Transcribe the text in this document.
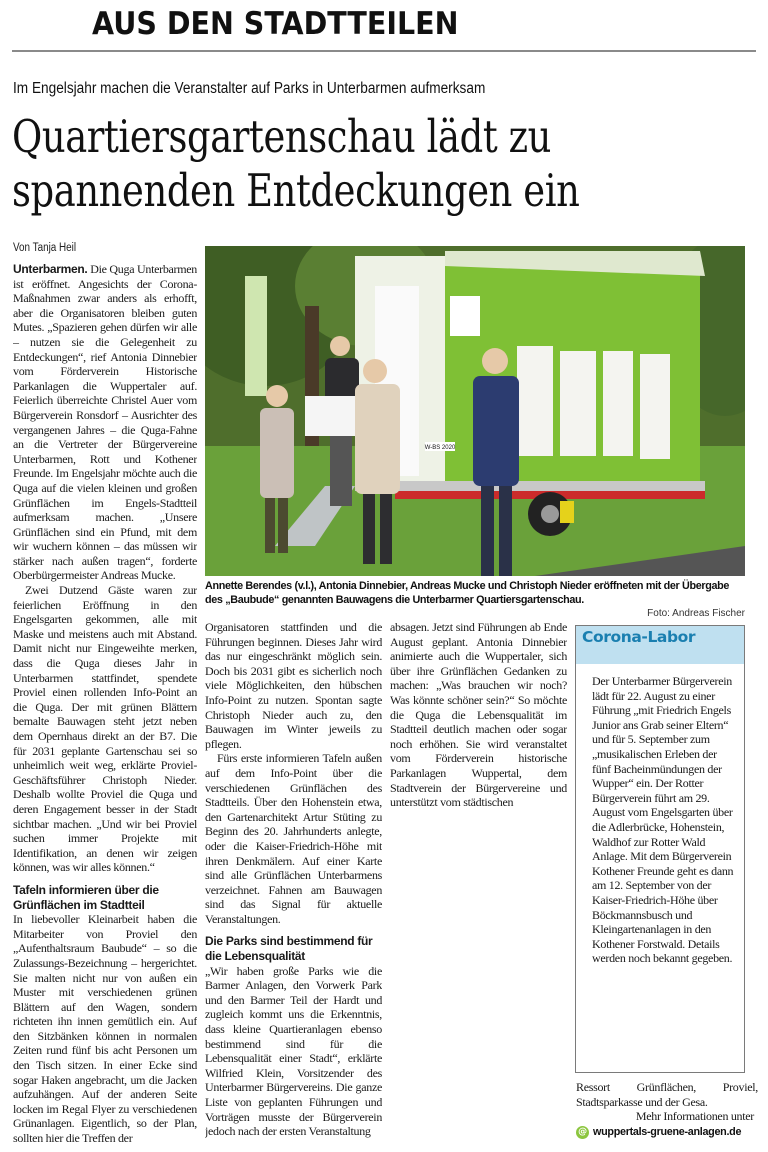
AUS DEN STADTTEILEN
Im Engelsjahr machen die Veranstalter auf Parks in Unterbarmen aufmerksam
Quartiersgartenschau lädt zu
spannenden Entdeckungen ein
Von Tanja Heil
W-BS 2020
Annette Berendes (v.l.), Antonia Dinnebier, Andreas Mucke und Christoph Nieder eröffneten mit der Übergabe des „Baubude“ genannten Bauwagens die Unterbarmer Quartiersgartenschau.
Foto: Andreas Fischer

Unterbarmen. Die Quga Unterbarmen ist eröffnet. Angesichts der Corona-Maßnahmen zwar anders als erhofft, aber die Organisatoren bleiben guten Mutes. „Spazieren gehen dürfen wir alle – nutzen sie die Gelegenheit zu Entdeckungen“, rief Antonia Dinnebier vom Förderverein Historische Parkanlagen die Wuppertaler auf. Feierlich überreichte Christel Auer vom Bürgerverein Ronsdorf – Ausrichter des vergangenen Jahres – die Quga-Fahne an die Vertreter der Bürgervereine Unterbarmen, Rott und Kothener Freunde. Im Engelsjahr möchte auch die Quga auf die vielen kleinen und großen Grünflächen im Engels-Stadtteil aufmerksam machen. „Unsere Grünflächen sind ein Pfund, mit dem wir wuchern können – das müssen wir stärker nach außen tragen“, forderte Oberbürgermeister Andreas Mucke.

Zwei Dutzend Gäste waren zur feierlichen Eröffnung in den Engelsgarten gekommen, alle mit Maske und meistens auch mit Abstand. Damit nicht nur Eingeweihte merken, dass die Quga dieses Jahr in Unterbarmen stattfindet, spendete Proviel einen rollenden Info-Point an die Quga. Der mit grünen Blättern bemalte Bauwagen steht jetzt neben dem Opernhaus direkt an der B7. Die für 2031 geplante Gartenschau sei so unheimlich weit weg, erklärte Proviel-Geschäftsführer Christoph Nieder. Deshalb wollte Proviel die Quga und deren Engagement besser in der Stadt sichtbar machen. „Und wir bei Proviel suchen immer Projekte mit Identifikation, an denen wir zeigen können, was wir alles können.“

Tafeln informieren über die Grünflächen im Stadtteil

In liebevoller Kleinarbeit haben die Mitarbeiter von Proviel den „Aufenthaltsraum Baubude“ – so die Zulassungs-Bezeichnung – hergerichtet. Sie malten nicht nur von außen ein Muster mit verschiedenen grünen Blättern auf den Wagen, sondern richteten ihn innen gemütlich ein. Auf den Sitzbänken können in normalen Zeiten rund fünf bis acht Personen um den Tisch sitzen. In einer Ecke sind sogar Haken angebracht, um die Jacken aufzuhängen. Auf der anderen Seite locken im Regal Flyer zu verschiedenen Grünanlagen. Eigentlich, so der Plan, sollten hier die Treffen der

Organisatoren stattfinden und die Führungen beginnen. Dieses Jahr wird das nur eingeschränkt möglich sein. Doch bis 2031 gibt es sicherlich noch viele Möglichkeiten, den hübschen Info-Point zu nutzen. Spontan sagte Christoph Nieder auch zu, den Bauwagen im Winter jeweils zu pflegen.

Fürs erste informieren Tafeln außen auf dem Info-Point über die verschiedenen Grünflächen des Stadtteils. Über den Hohenstein etwa, den Gartenarchitekt Artur Stüting zu Beginn des 20. Jahrhunderts anlegte, oder die Kaiser-Friedrich-Höhe mit ihren Denkmälern. Auf einer Karte sind alle Grünflächen Unterbarmens verzeichnet. Fahnen am Bauwagen sind das Signal für aktuelle Veranstaltungen.

Die Parks sind bestimmend für die Lebensqualität

„Wir haben große Parks wie die Barmer Anlagen, den Vorwerk Park und den Barmer Teil der Hardt und zugleich kommt uns die Erkenntnis, dass kleine Quartieranlagen ebenso bestimmend sind für die Lebensqualität einer Stadt“, erklärte Wilfried Klein, Vorsitzender des Unterbarmer Bürgervereins. Die ganze Liste von geplanten Führungen und Vorträgen musste der Bürgerverein jedoch nach der ersten Veranstaltung

absagen. Jetzt sind Führungen ab Ende August geplant. Antonia Dinnebier animierte auch die Wuppertaler, sich über ihre Grünflächen Gedanken zu machen: „Was brauchen wir noch? Was könnte schöner sein?“ So möchte die Quga die Lebensqualität im Stadtteil deutlich machen oder sogar noch erhöhen. Sie wird veranstaltet vom Förderverein historische Parkanlagen Wuppertal, dem Stadtverein der Bürgervereine und unterstützt vom städtischen

Corona-Labor
Der Unterbarmer Bürgerverein lädt für 22. August zu einer Führung „mit Friedrich Engels Junior ans Grab seiner Eltern“ und für 5. September zum „musikalischen Erleben der fünf Bacheinmündungen der Wupper“ ein. Der Rotter Bürgerverein führt am 29. August vom Engelsgarten über die Adlerbrücke, Hohenstein, Waldhof zur Rotter Wald Anlage. Mit dem Bürgerverein Kothener Freunde geht es dann am 12. September von der Kaiser-Friedrich-Höhe über Böckmannsbusch und Kleingartenanlagen in den Kothener Forstwald. Details werden noch bekannt gegeben.
Ressort Grünflächen, Proviel, Stadtsparkasse und der Gesa.
Mehr Informationen unter
@ wuppertals-gruene-anlagen.de
